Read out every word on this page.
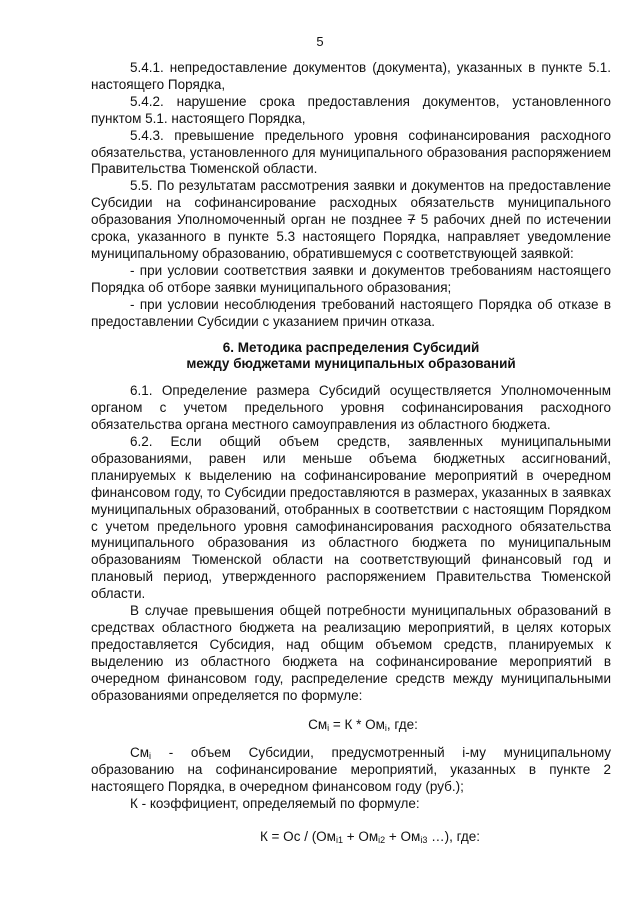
5

5.4.1. непредоставление документов (документа), указанных в пункте 5.1. настоящего Порядка,

5.4.2. нарушение срока предоставления документов, установленного пунктом 5.1. настоящего Порядка,

5.4.3. превышение предельного уровня софинансирования расходного обязательства, установленного для муниципального образования распоряжением Правительства Тюменской области.

5.5. По результатам рассмотрения заявки и документов на предоставление Субсидии на софинансирование расходных обязательств муниципального образования Уполномоченный орган не позднее 7 5 рабочих дней по истечении срока, указанного в пункте 5.3 настоящего Порядка, направляет уведомление муниципальному образованию, обратившемуся с соответствующей заявкой:

- при условии соответствия заявки и документов требованиям настоящего Порядка об отборе заявки муниципального образования;

- при условии несоблюдения требований настоящего Порядка об отказе в предоставлении Субсидии с указанием причин отказа.

6. Методика распределения Субсидий
между бюджетами муниципальных образований

6.1. Определение размера Субсидий осуществляется Уполномоченным органом с учетом предельного уровня софинансирования расходного обязательства органа местного самоуправления из областного бюджета.

6.2. Если общий объем средств, заявленных муниципальными образованиями, равен или меньше объема бюджетных ассигнований, планируемых к выделению на софинансирование мероприятий в очередном финансовом году, то Субсидии предоставляются в размерах, указанных в заявках муниципальных образований, отобранных в соответствии с настоящим Порядком с учетом предельного уровня самофинансирования расходного обязательства муниципального образования из областного бюджета по муниципальным образованиям Тюменской области на соответствующий финансовый год и плановый период, утвержденного распоряжением Правительства Тюменской области.

В случае превышения общей потребности муниципальных образований в средствах областного бюджета на реализацию мероприятий, в целях которых предоставляется Субсидия, над общим объемом средств, планируемых к выделению из областного бюджета на софинансирование мероприятий в очередном финансовом году, распределение средств между муниципальными образованиями определяется по формуле:

$См_i = К * Ом_i$, где:

$См_i$ - объем Субсидии, предусмотренный i-му муниципальному образованию на софинансирование мероприятий, указанных в пункте 2 настоящего Порядка, в очередном финансовом году (руб.);

К - коэффициент, определяемый по формуле:

К = Ос / ($Ом_{i1} + Ом_{i2} + Ом_{i3}$ …), где:
